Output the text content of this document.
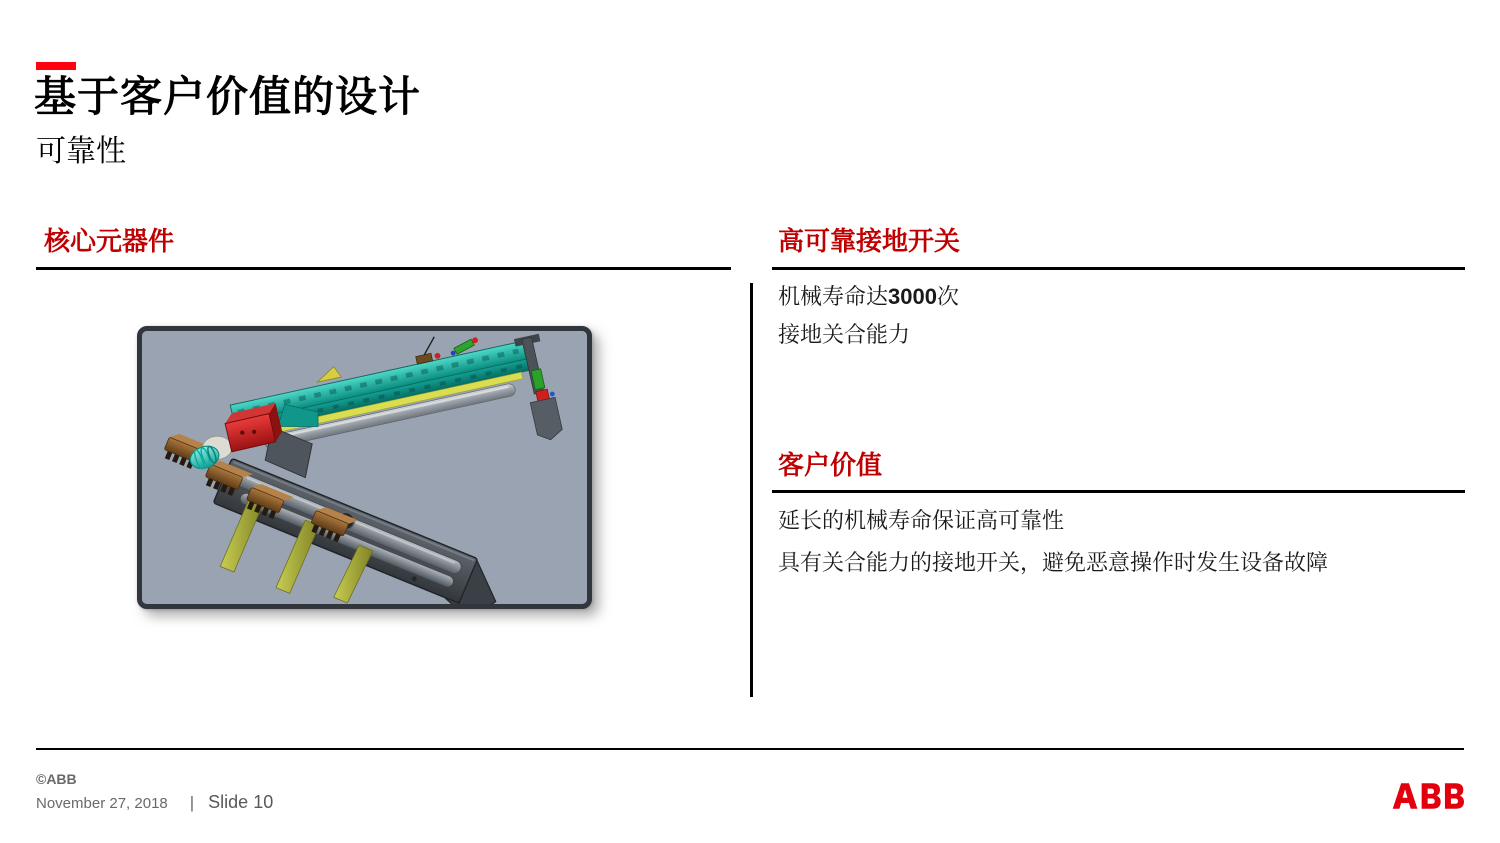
基于客户价值的设计
可靠性
核心元器件	高可靠接地开关
机械寿命达3000次
接地关合能力
客户价值
延长的机械寿命保证高可靠性
具有关合能力的接地开关，避免恶意操作时发生设备故障
©ABB
November 27, 2018 | Slide 10
